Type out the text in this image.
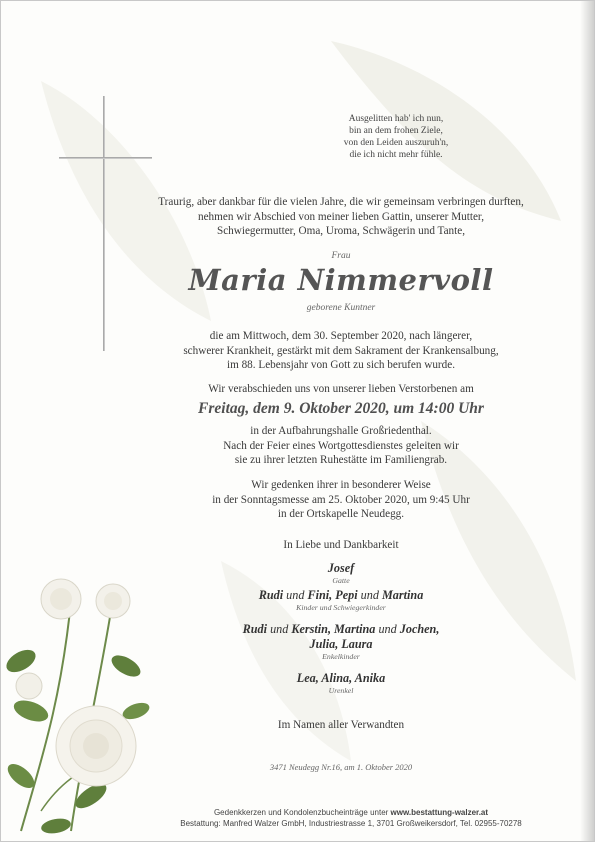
Ausgelitten hab' ich nun,
bin an dem frohen Ziele,
von den Leiden auszuruh'n,
die ich nicht mehr fühle.
Traurig, aber dankbar für die vielen Jahre, die wir gemeinsam verbringen durften,
nehmen wir Abschied von meiner lieben Gattin, unserer Mutter,
Schwiegermutter, Oma, Uroma, Schwägerin und Tante,
Frau
Maria Nimmervoll
geborene Kuntner
die am Mittwoch, dem 30. September 2020, nach längerer,
schwerer Krankheit, gestärkt mit dem Sakrament der Krankensalbung,
im 88. Lebensjahr von Gott zu sich berufen wurde.
Wir verabschieden uns von unserer lieben Verstorbenen am
Freitag, dem 9. Oktober 2020, um 14:00 Uhr
in der Aufbahrungshalle Großriedenthal.
Nach der Feier eines Wortgottesdienstes geleiten wir
sie zu ihrer letzten Ruhestätte im Familiengrab.
Wir gedenken ihrer in besonderer Weise
in der Sonntagsmesse am 25. Oktober 2020, um 9:45 Uhr
in der Ortskapelle Neudegg.
In Liebe und Dankbarkeit
Josef
Gatte
Rudi und Fini, Pepi und Martina
Kinder und Schwiegerkinder
Rudi und Kerstin, Martina und Jochen,
Julia, Laura
Enkelkinder
Lea, Alina, Anika
Urenkel
Im Namen aller Verwandten
3471 Neudegg Nr.16, am 1. Oktober 2020
Gedenkkerzen und Kondolenzbucheinträge unter www.bestattung-walzer.at
Bestattung: Manfred Walzer GmbH, Industriestrasse 1, 3701 Großweikersdorf, Tel. 02955-70278
